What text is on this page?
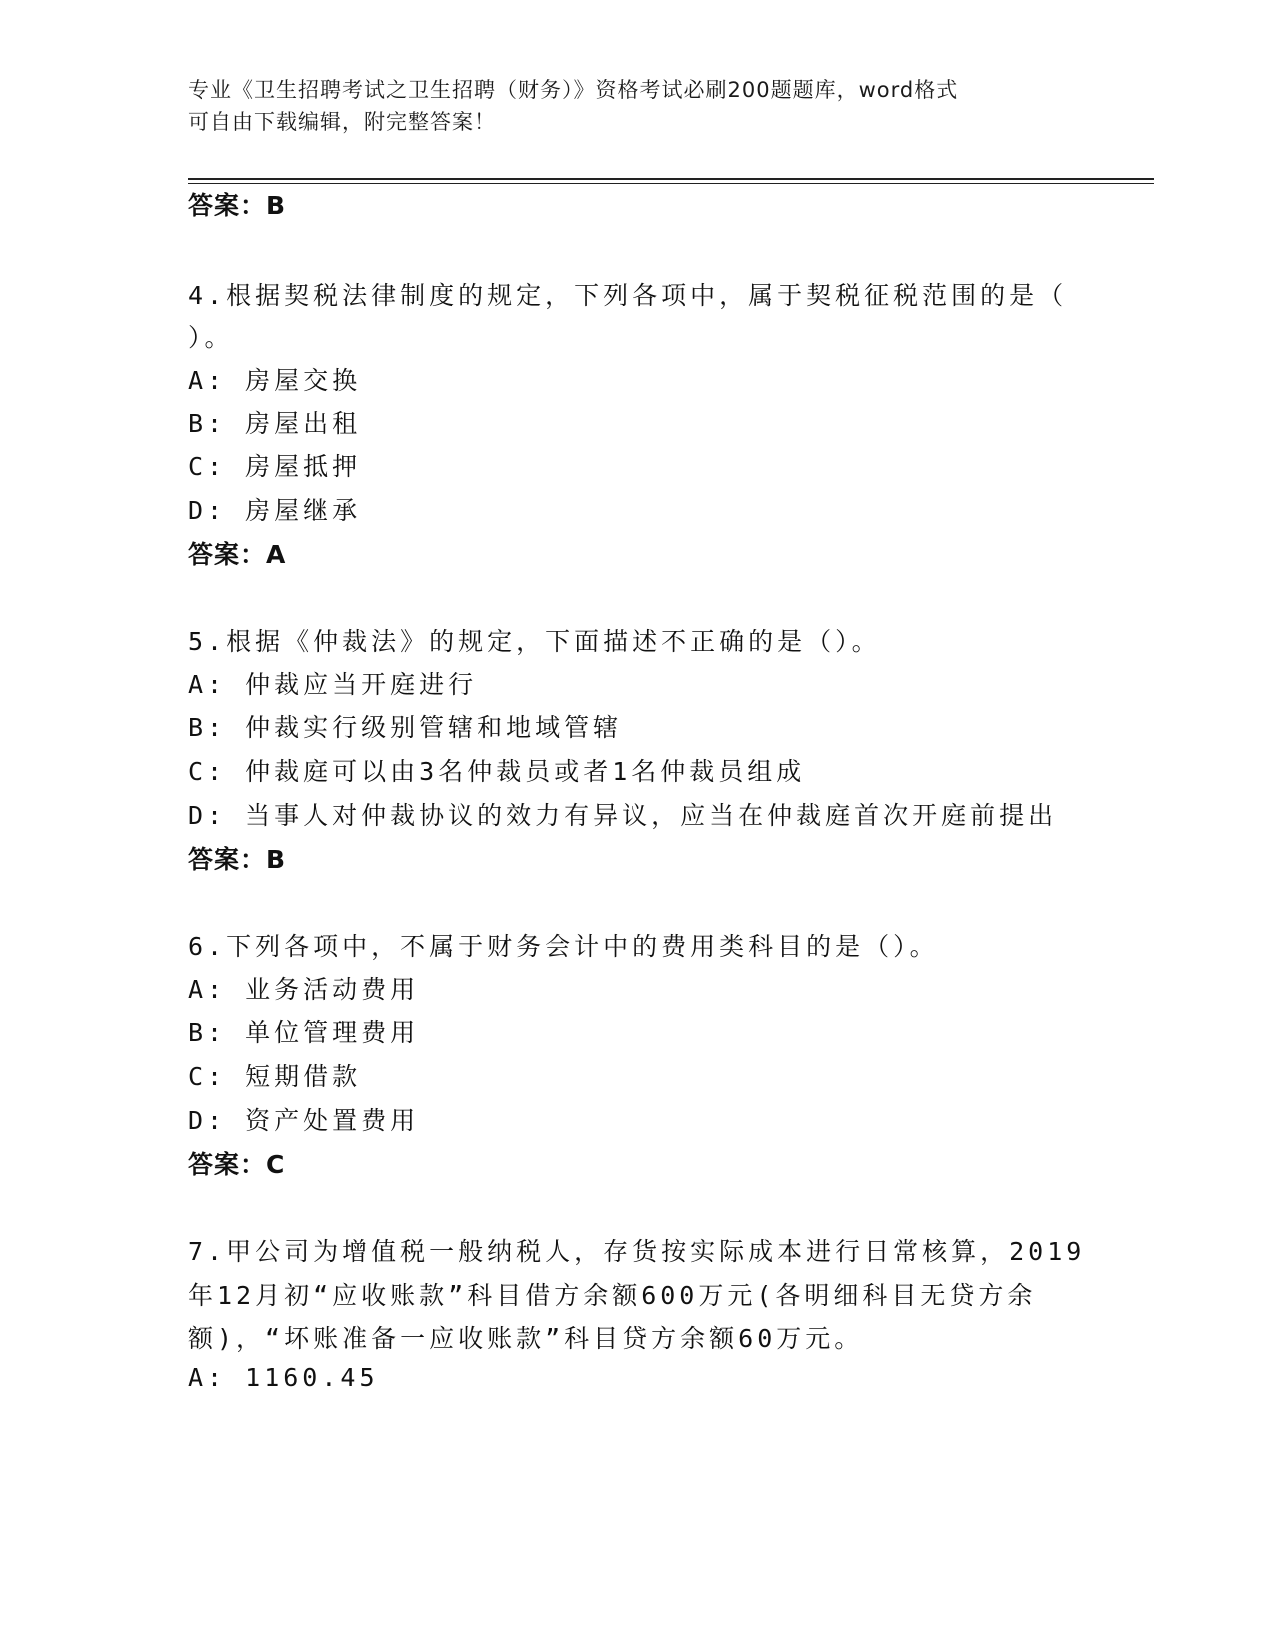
专业《卫生招聘考试之卫生招聘（财务）》资格考试必刷200题题库，word格式
可自由下载编辑，附完整答案！
答案：B
4.根据契税法律制度的规定，下列各项中，属于契税征税范围的是（
）。
A: 房屋交换
B: 房屋出租
C: 房屋抵押
D: 房屋继承
答案：A
5.根据《仲裁法》的规定，下面描述不正确的是（）。
A: 仲裁应当开庭进行
B: 仲裁实行级别管辖和地域管辖
C: 仲裁庭可以由3名仲裁员或者1名仲裁员组成
D: 当事人对仲裁协议的效力有异议，应当在仲裁庭首次开庭前提出
答案：B
6.下列各项中，不属于财务会计中的费用类科目的是（）。
A: 业务活动费用
B: 单位管理费用
C: 短期借款
D: 资产处置费用
答案：C
7.甲公司为增值税一般纳税人，存货按实际成本进行日常核算，2019
年12月初“应收账款”科目借方余额600万元(各明细科目无贷方余
额)，“坏账准备一应收账款”科目贷方余额60万元。
A: 1160.45
